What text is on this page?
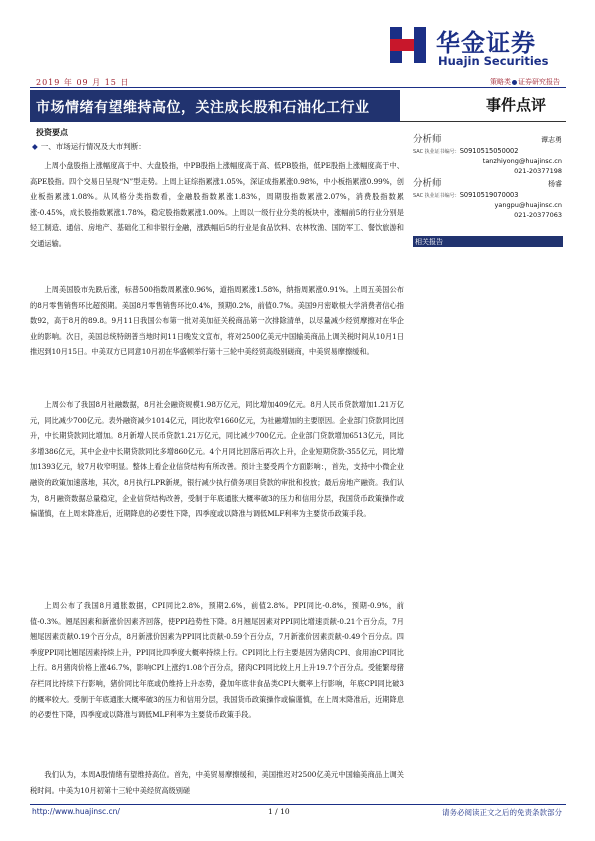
华金证券
Huajin Securities
2019 年 09 月 15 日	策略类 证券研究报告
市场情绪有望维持高位，关注成长股和石油化工行业	事件点评
投资要点
◆ 一、市场运行情况及大市判断：

上周小盘股指上涨幅度高于中、大盘股指，中PB股指上涨幅度高于高、低PB股指，低PE股指上涨幅度高于中、高PE股指。四个交易日呈现“N”型走势。上周上证综指累涨1.05%，深证成指累涨0.98%，中小板指累涨0.99%，创业板指累涨1.08%。从风格分类指数看，金融股指数累涨1.83%，周期股指数累涨2.07%，消费股指数累涨-0.45%，成长股指数累涨1.78%，稳定股指数累涨1.00%。上周以一级行业分类的板块中，涨幅前5的行业分别是轻工制造、通信、房地产、基础化工和非银行金融，涨跌幅后5的行业是食品饮料、农林牧渔、国防军工、餐饮旅游和交通运输。

上周美国股市先跌后涨，标普500指数周累涨0.96%，道指周累涨1.58%，纳指周累涨0.91%。上周五美国公布的8月零售销售环比超预期。美国8月零售销售环比0.4%，预期0.2%，前值0.7%。美国9月密歇根大学消费者信心指数92，高于8月的89.8。9月11日我国公布第一批对美加征关税商品第一次排除清单，以尽量减少经贸摩擦对在华企业的影响。次日，美国总统特朗普当地时间11日晚发文宣布，将对2500亿美元中国输美商品上调关税时间从10月1日推迟到10月15日。中美双方已同意10月初在华盛顿举行第十三轮中美经贸高级别磋商，中美贸易摩擦缓和。

上周公布了我国8月社融数据，8月社会融资规模1.98万亿元，同比增加409亿元。8月人民币贷款增加1.21万亿元，同比减少700亿元。表外融资减少1014亿元，同比收窄1660亿元，为社融增加的主要原因。企业部门贷款同比回升，中长期贷款同比增加。8月新增人民币贷款1.21万亿元，同比减少700亿元。企业部门贷款增加6513亿元，同比多增386亿元，其中企业中长期贷款同比多增860亿元。4个月同比回落后再次上升，企业短期贷款-355亿元，同比增加1393亿元，较7月收窄明显。整体上看企业信贷结构有所改善。预计主要受两个方面影响：，首先，支持中小微企业融资的政策加速落地，其次，8月执行LPR新规，银行减少执行债务项目贷款的审批和投放；最后房地产融资。我们认为，8月融资数据总量稳定，企业信贷结构改善，受制于年底通胀大概率破3的压力和信用分层，我国货币政策操作或偏谨慎，在上周末降准后，近期降息的必要性下降，四季度或以降准与调低MLF利率为主要货币政策手段。

上周公布了我国8月通胀数据，CPI同比2.8%，预期2.6%，前值2.8%。PPI同比-0.8%，预期-0.9%，前值-0.3%。翘尾因素和新涨价因素齐回落，使PPI趋势性下降。8月翘尾因素对PPI同比增速贡献-0.21个百分点，7月翘尾因素贡献0.19个百分点，8月新涨价因素为PPI同比贡献-0.59个百分点，7月新涨价因素贡献-0.49个百分点。四季度PPI同比翘尾因素持续上升，PPI同比四季度大概率持续上行。CPI同比上行主要是因为猪肉CPI、食用油CPI同比上行。8月猪肉价格上涨46.7%，影响CPI上涨约1.08个百分点，猪肉CPI同比较上月上升19.7个百分点。受能繁母猪存栏同比持续下行影响，猪价同比年底或仍维持上升态势，叠加年底非食品类CPI大概率上行影响，年底CPI同比破3的概率较大。受制于年底通胀大概率破3的压力和信用分层，我国货币政策操作或偏谨慎，在上周末降准后，近期降息的必要性下降，四季度或以降准与调低MLF利率为主要货币政策手段。

我们认为，本周A股情绪有望维持高位。首先，中美贸易摩擦缓和，美国推迟对2500亿美元中国输美商品上调关税时间。中美为10月初第十三轮中美经贸高级别磋

分析师	谭志勇
SAC 执业证书编号：S0910515050002
tanzhiyong@huajinsc.cn
021-20377198
分析师	杨睿
SAC 执业证书编号：S0910519070003
yangpu@huajinsc.cn
021-20377063
相关报告
http://www.huajinsc.cn/	1 / 10	请务必阅读正文之后的免责条款部分
